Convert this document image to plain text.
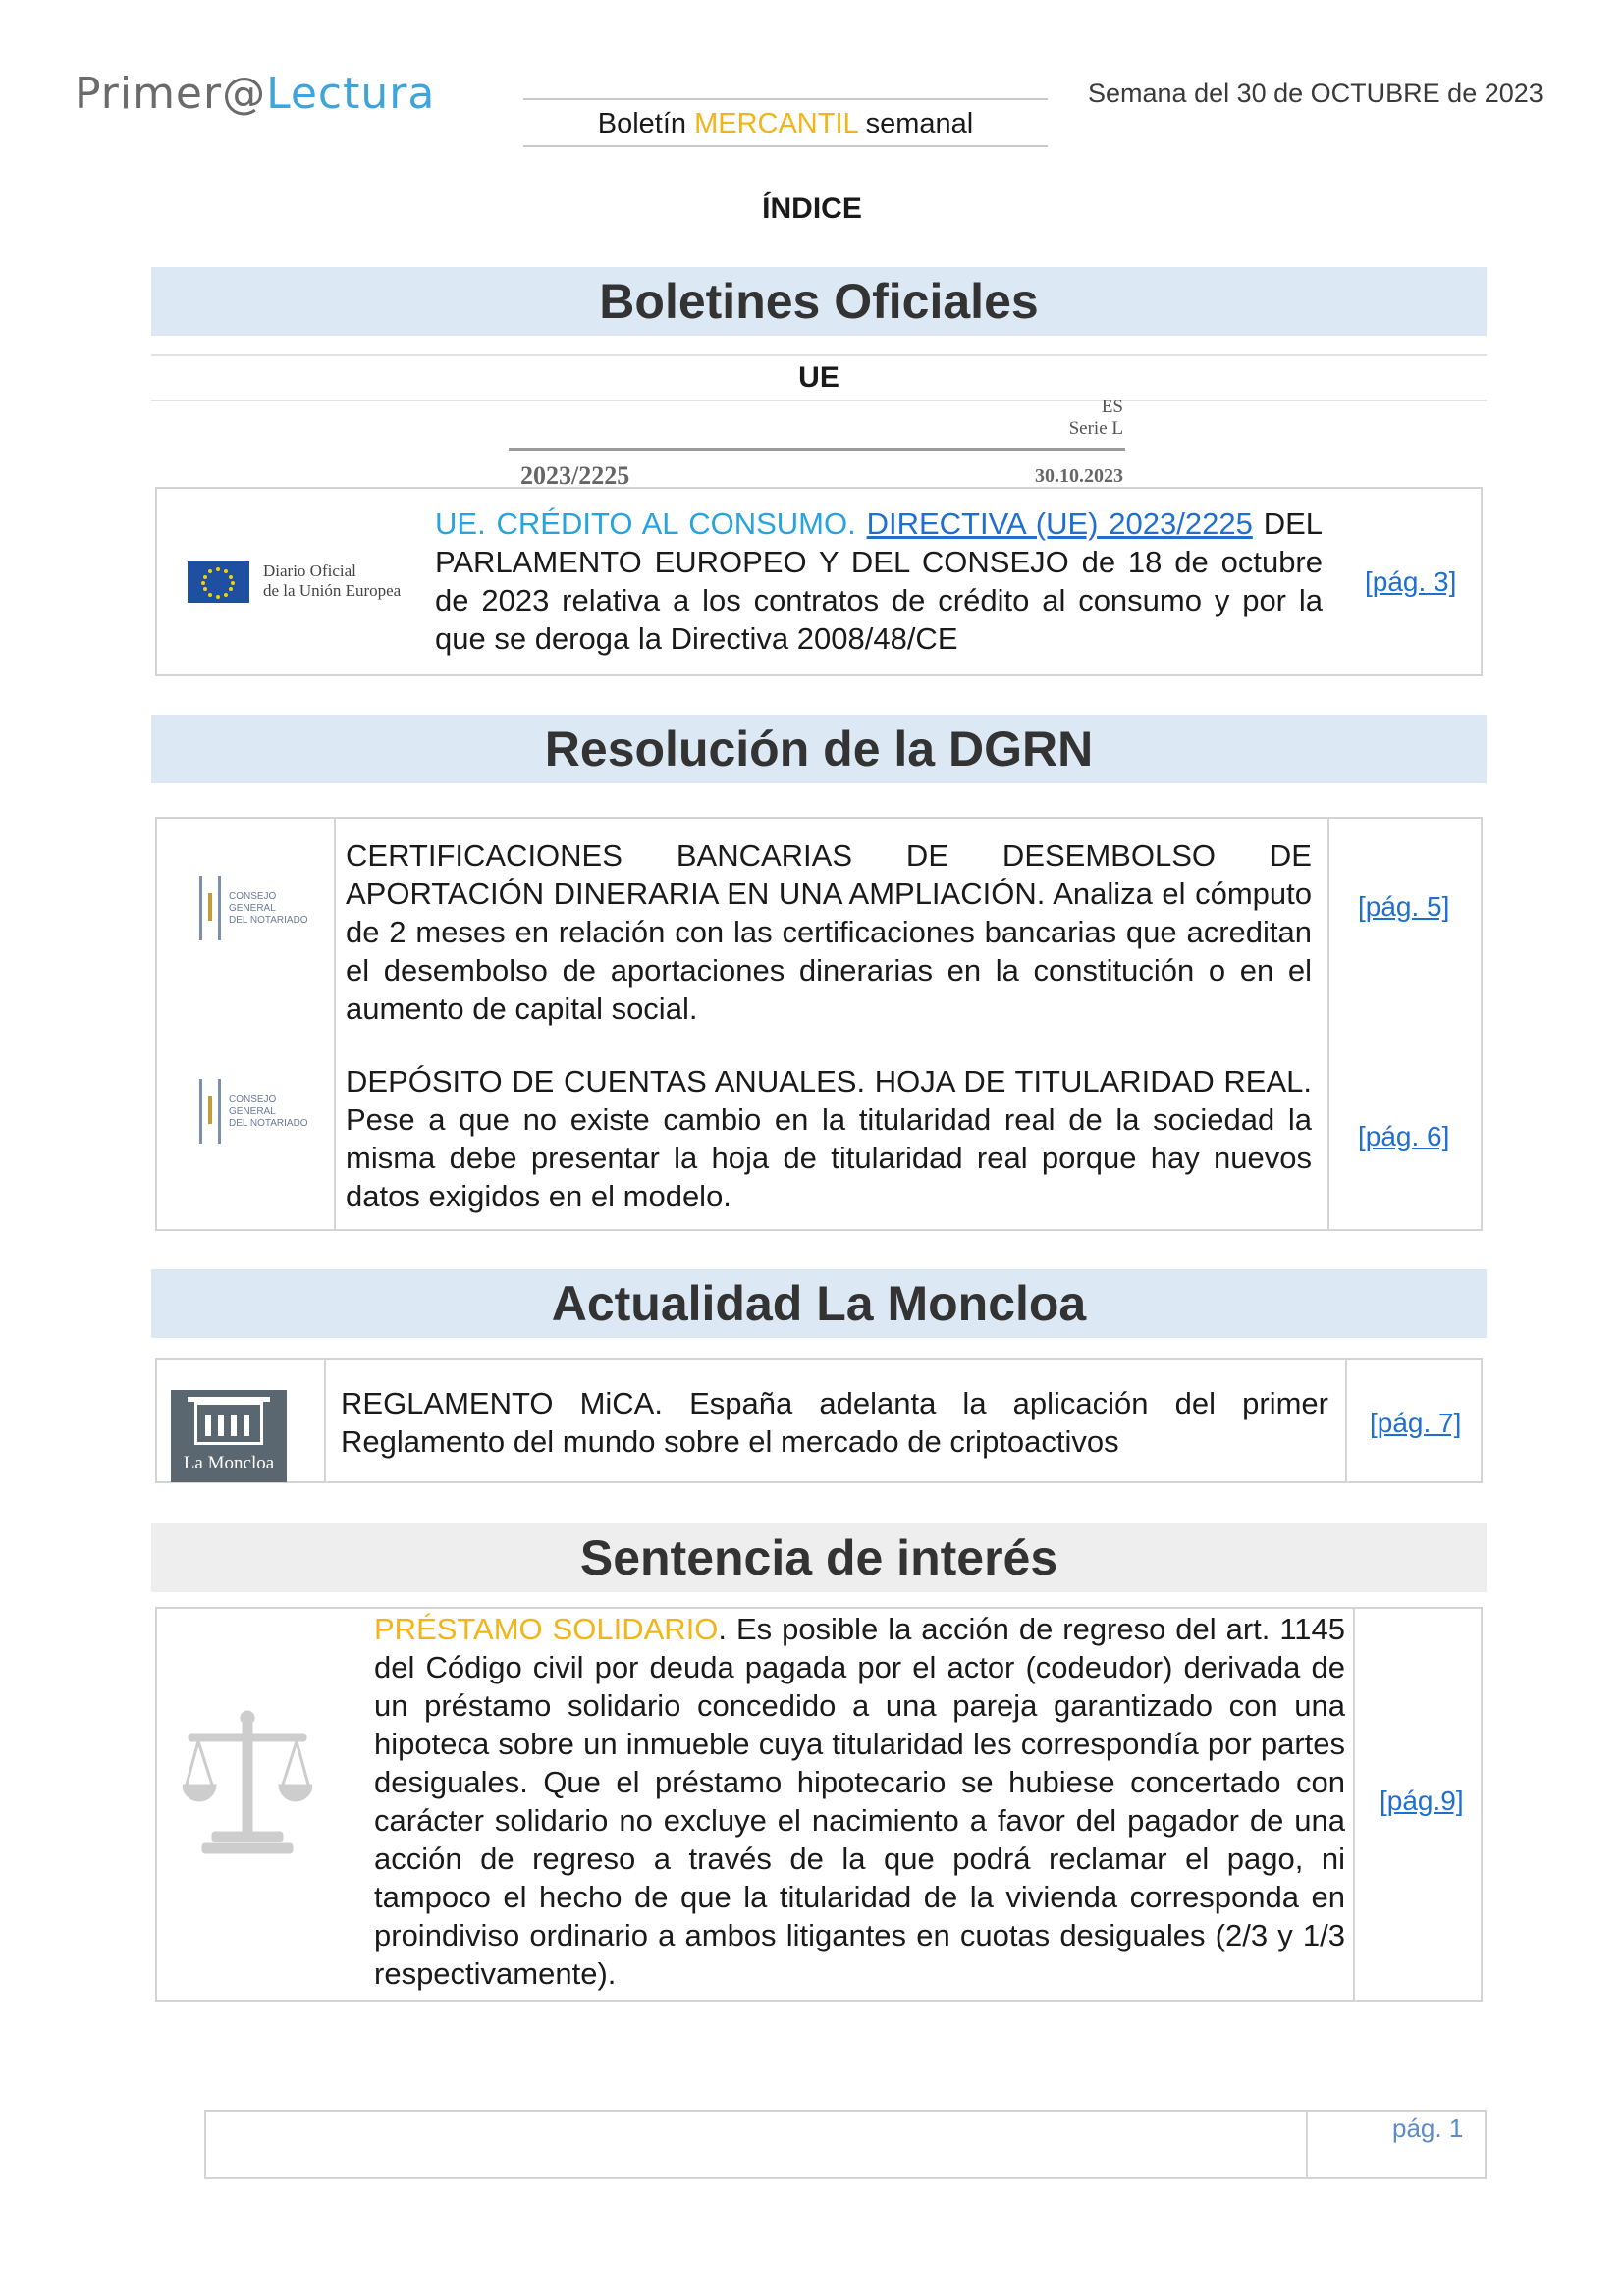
Primer@Lectura
Boletín MERCANTIL semanal
Semana del 30 de OCTUBRE de 2023
ÍNDICE
Boletines Oficiales
UE
ES
Serie L
2023/2225	30.10.2023
Diario Oficial
de la Unión Europea
UE. CRÉDITO AL CONSUMO. DIRECTIVA (UE) 2023/2225 DEL PARLAMENTO EUROPEO Y DEL CONSEJO de 18 de octubre de 2023 relativa a los contratos de crédito al consumo y por la que se deroga la Directiva 2008/48/CE
[pág. 3]
Resolución de la DGRN
CONSEJO GENERAL
DEL NOTARIADO
CERTIFICACIONES BANCARIAS DE DESEMBOLSO DE APORTACIÓN DINERARIA EN UNA AMPLIACIÓN. Analiza el cómputo de 2 meses en relación con las certificaciones bancarias que acreditan el desembolso de aportaciones dinerarias en la constitución o en el aumento de capital social.
[pág. 5]
CONSEJO GENERAL
DEL NOTARIADO
DEPÓSITO DE CUENTAS ANUALES. HOJA DE TITULARIDAD REAL. Pese a que no existe cambio en la titularidad real de la sociedad la misma debe presentar la hoja de titularidad real porque hay nuevos datos exigidos en el modelo.
[pág. 6]
Actualidad La Moncloa
La Moncloa
REGLAMENTO MiCA. España adelanta la aplicación del primer Reglamento del mundo sobre el mercado de criptoactivos
[pág. 7]
Sentencia de interés
PRÉSTAMO SOLIDARIO. Es posible la acción de regreso del art. 1145 del Código civil por deuda pagada por el actor (codeudor) derivada de un préstamo solidario concedido a una pareja garantizado con una hipoteca sobre un inmueble cuya titularidad les correspondía por partes desiguales. Que el préstamo hipotecario se hubiese concertado con carácter solidario no excluye el nacimiento a favor del pagador de una acción de regreso a través de la que podrá reclamar el pago, ni tampoco el hecho de que la titularidad de la vivienda corresponda en proindiviso ordinario a ambos litigantes en cuotas desiguales (2/3 y 1/3 respectivamente).
[pág.9]
pág. 1
